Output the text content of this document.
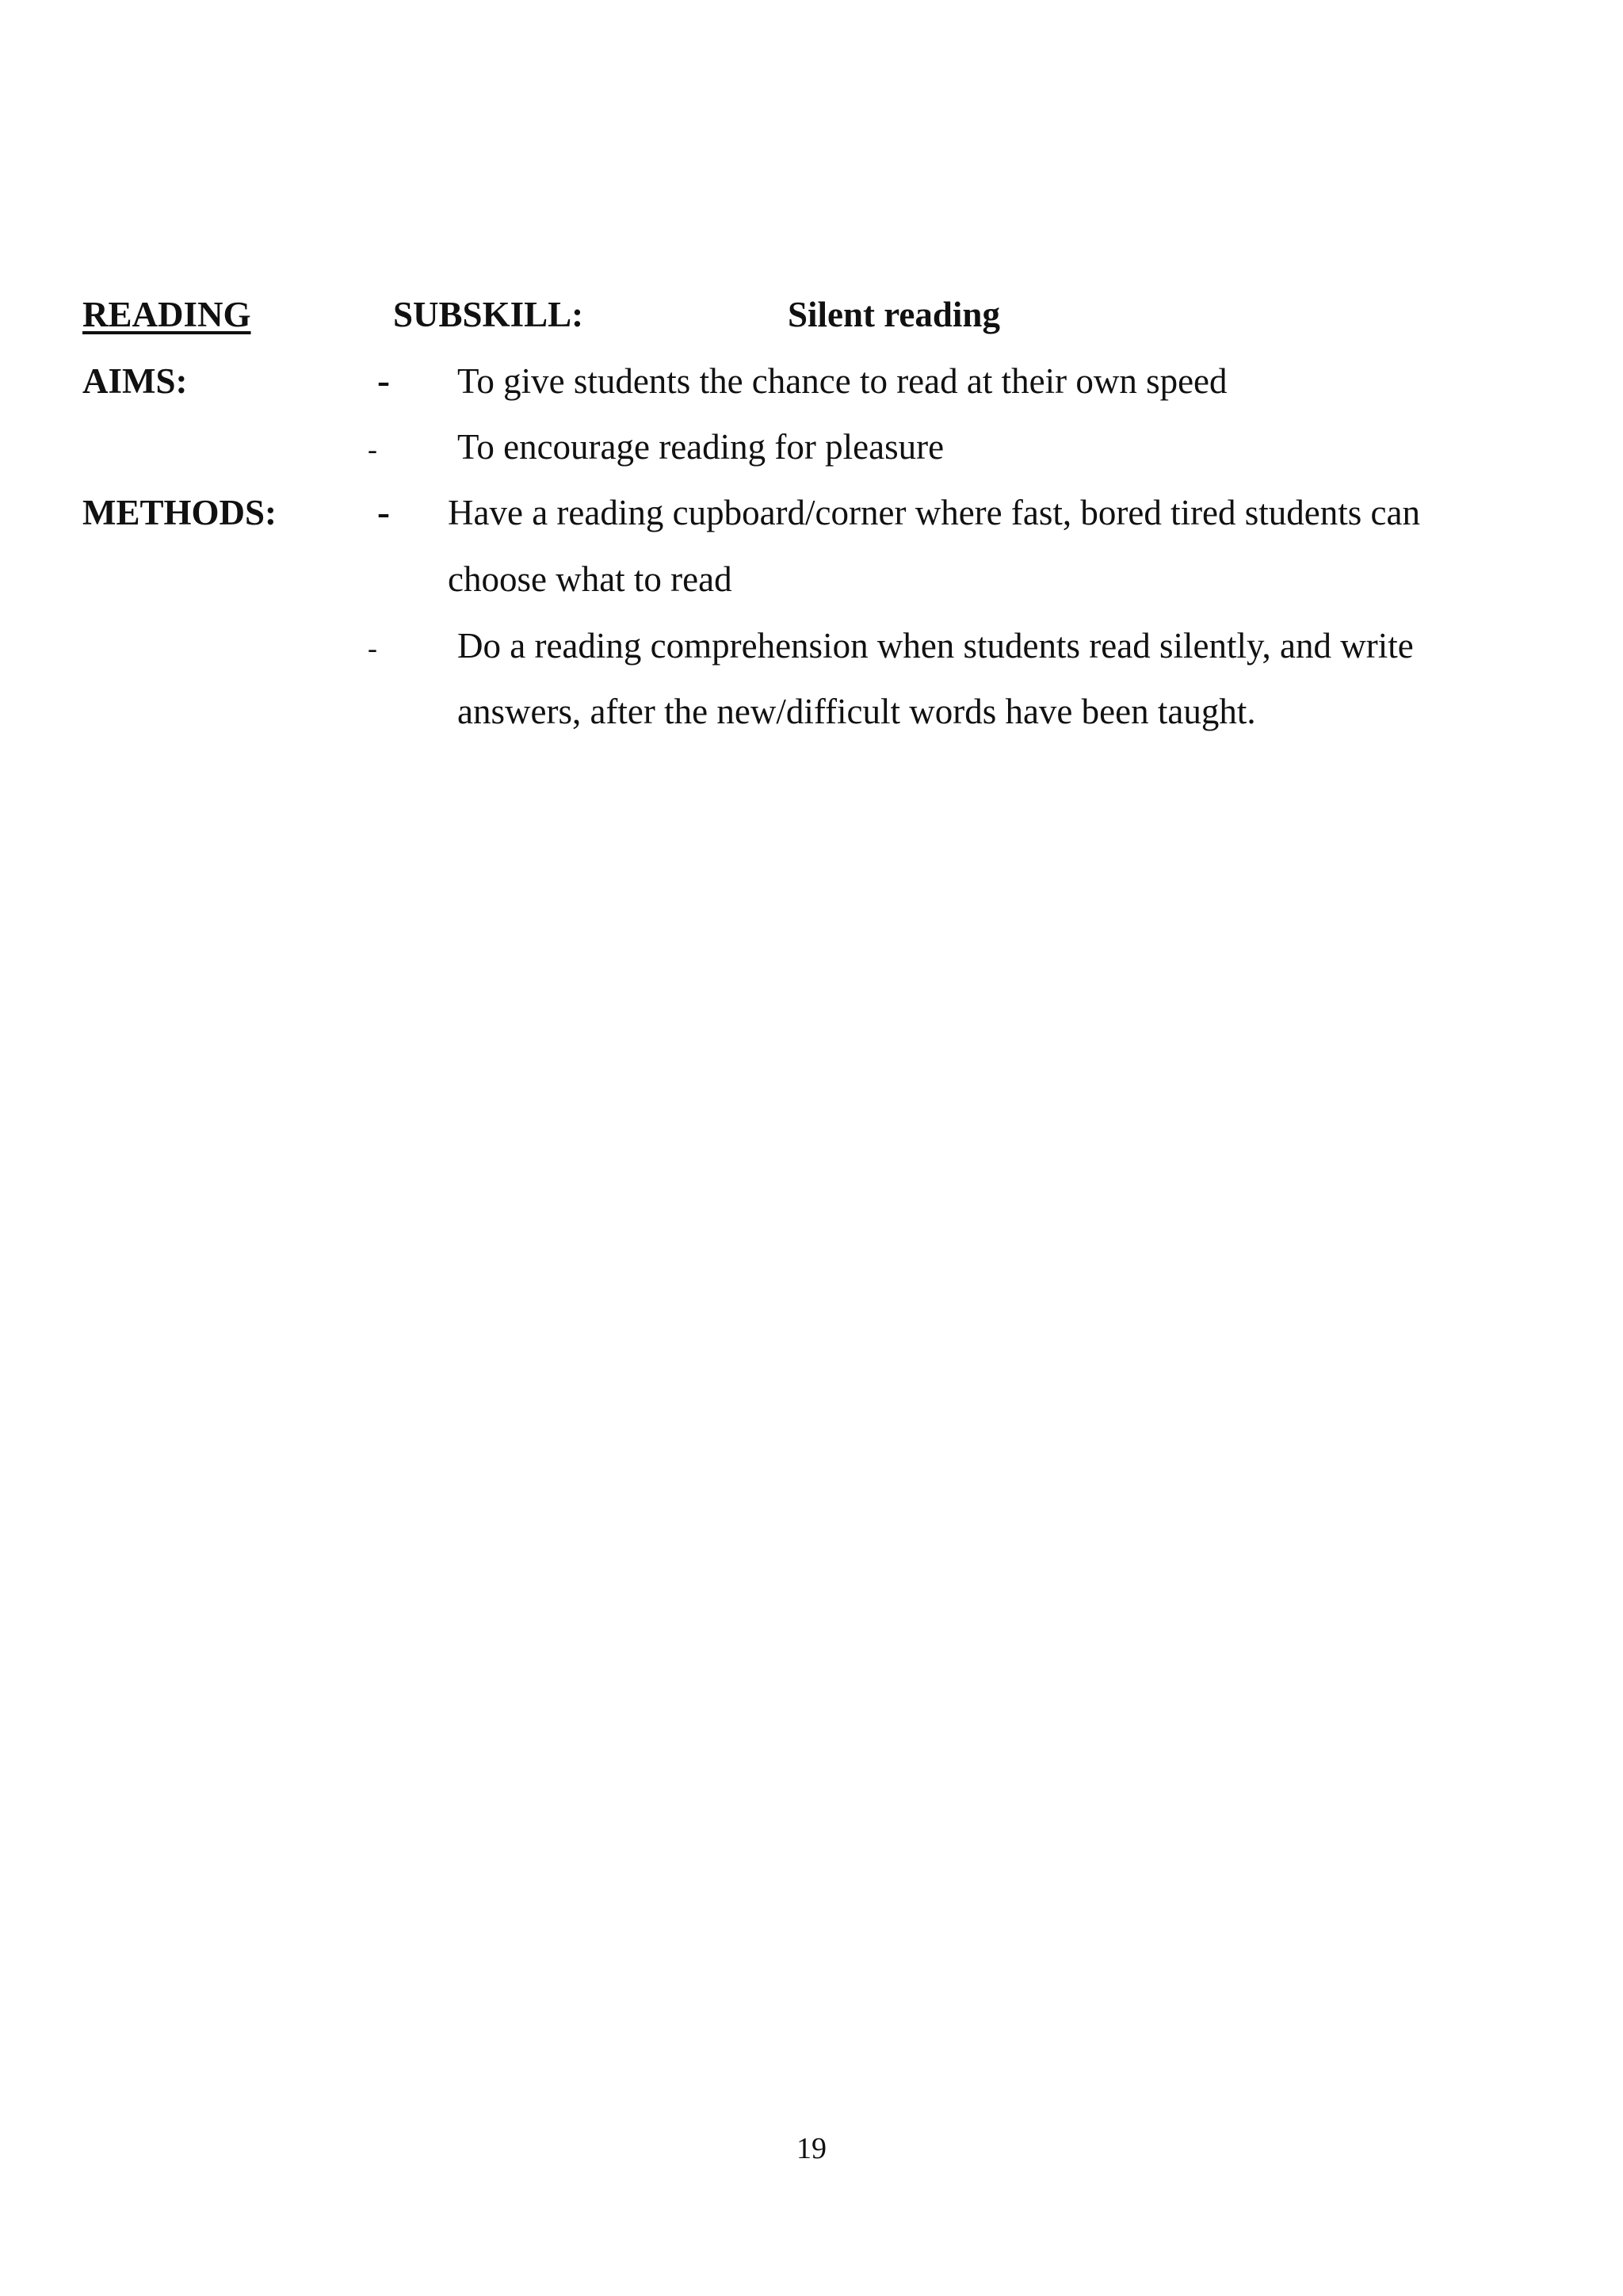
READING	SUBSKILL:	Silent reading
AIMS:	- To give students the chance to read at their own speed
- To encourage reading for pleasure
METHODS:	- Have a reading cupboard/corner where fast, bored tired students can
choose what to read
- Do a reading comprehension when students read silently, and write
answers, after the new/difficult words have been taught.
19
